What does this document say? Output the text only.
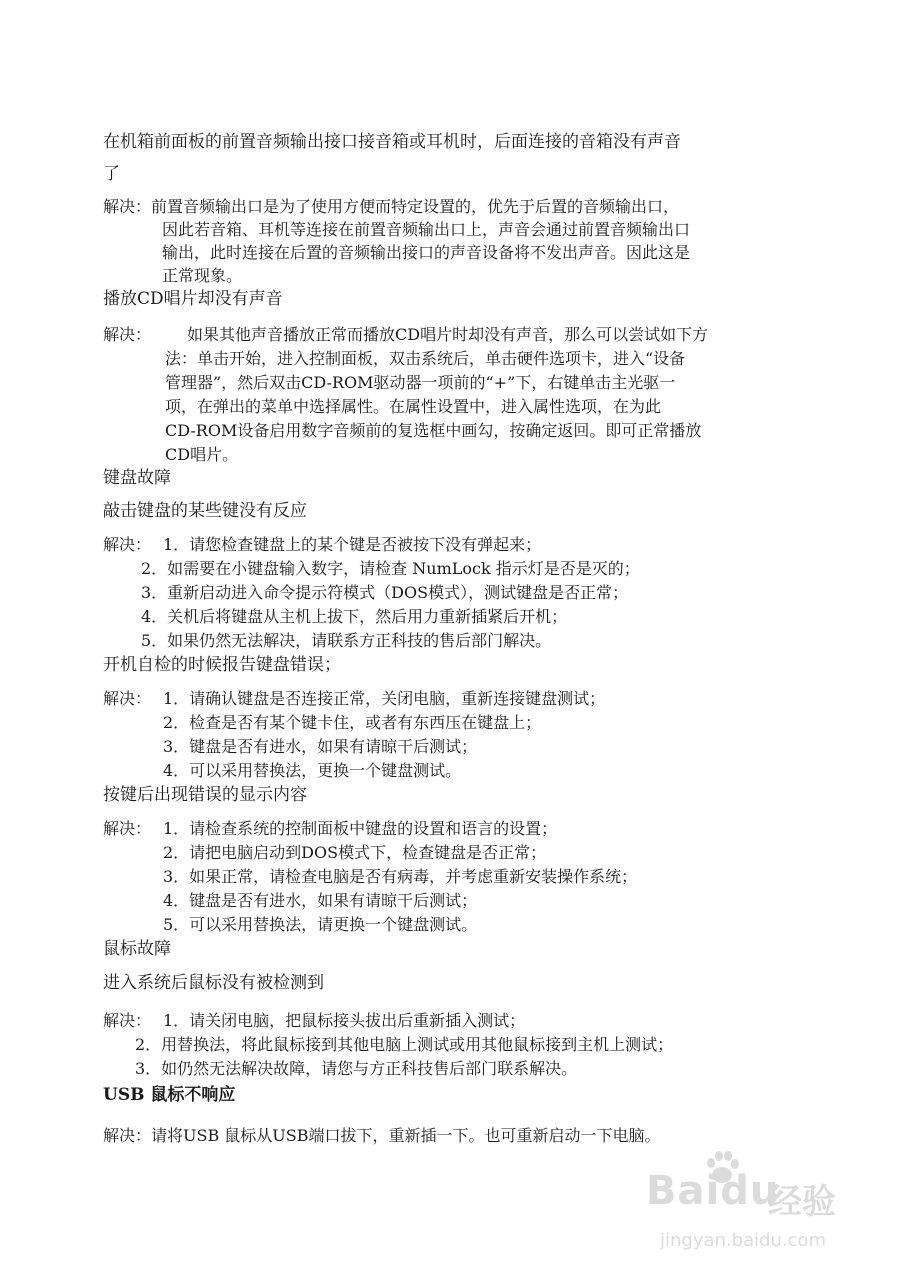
在机箱前面板的前置音频输出接口接音箱或耳机时，后面连接的音箱没有声音
了
解决：前置音频输出口是为了使用方便而特定设置的，优先于后置的音频输出口，
因此若音箱、耳机等连接在前置音频输出口上，声音会通过前置音频输出口
输出，此时连接在后置的音频输出接口的声音设备将不发出声音。因此这是
正常现象。
播放CD唱片却没有声音
解决： 如果其他声音播放正常而播放CD唱片时却没有声音，那么可以尝试如下方
法：单击开始，进入控制面板，双击系统后，单击硬件选项卡，进入“设备
管理器”，然后双击CD-ROM驱动器一项前的“+”下，右键单击主光驱一
项，在弹出的菜单中选择属性。在属性设置中，进入属性选项，在为此
CD-ROM设备启用数字音频前的复选框中画勾，按确定返回。即可正常播放
CD唱片。
键盘故障
敲击键盘的某些键没有反应
解决： 1．请您检查键盘上的某个键是否被按下没有弹起来；
2．如需要在小键盘输入数字，请检查 NumLock 指示灯是否是灭的；
3．重新启动进入命令提示符模式（DOS模式），测试键盘是否正常；
4．关机后将键盘从主机上拔下，然后用力重新插紧后开机；
5．如果仍然无法解决，请联系方正科技的售后部门解决。
开机自检的时候报告键盘错误；
解决： 1．请确认键盘是否连接正常，关闭电脑，重新连接键盘测试；
2．检查是否有某个键卡住，或者有东西压在键盘上；
3．键盘是否有进水，如果有请晾干后测试；
4．可以采用替换法，更换一个键盘测试。
按键后出现错误的显示内容
解决： 1．请检查系统的控制面板中键盘的设置和语言的设置；
2．请把电脑启动到DOS模式下，检查键盘是否正常；
3．如果正常，请检查电脑是否有病毒，并考虑重新安装操作系统；
4．键盘是否有进水，如果有请晾干后测试；
5．可以采用替换法，请更换一个键盘测试。
鼠标故障
进入系统后鼠标没有被检测到
解决： 1．请关闭电脑，把鼠标接头拔出后重新插入测试；
2．用替换法，将此鼠标接到其他电脑上测试或用其他鼠标接到主机上测试；
3．如仍然无法解决故障，请您与方正科技售后部门联系解决。
USB 鼠标不响应
解决：请将USB 鼠标从USB端口拔下，重新插一下。也可重新启动一下电脑。
Baidu
经验
jingyan.baidu.com
